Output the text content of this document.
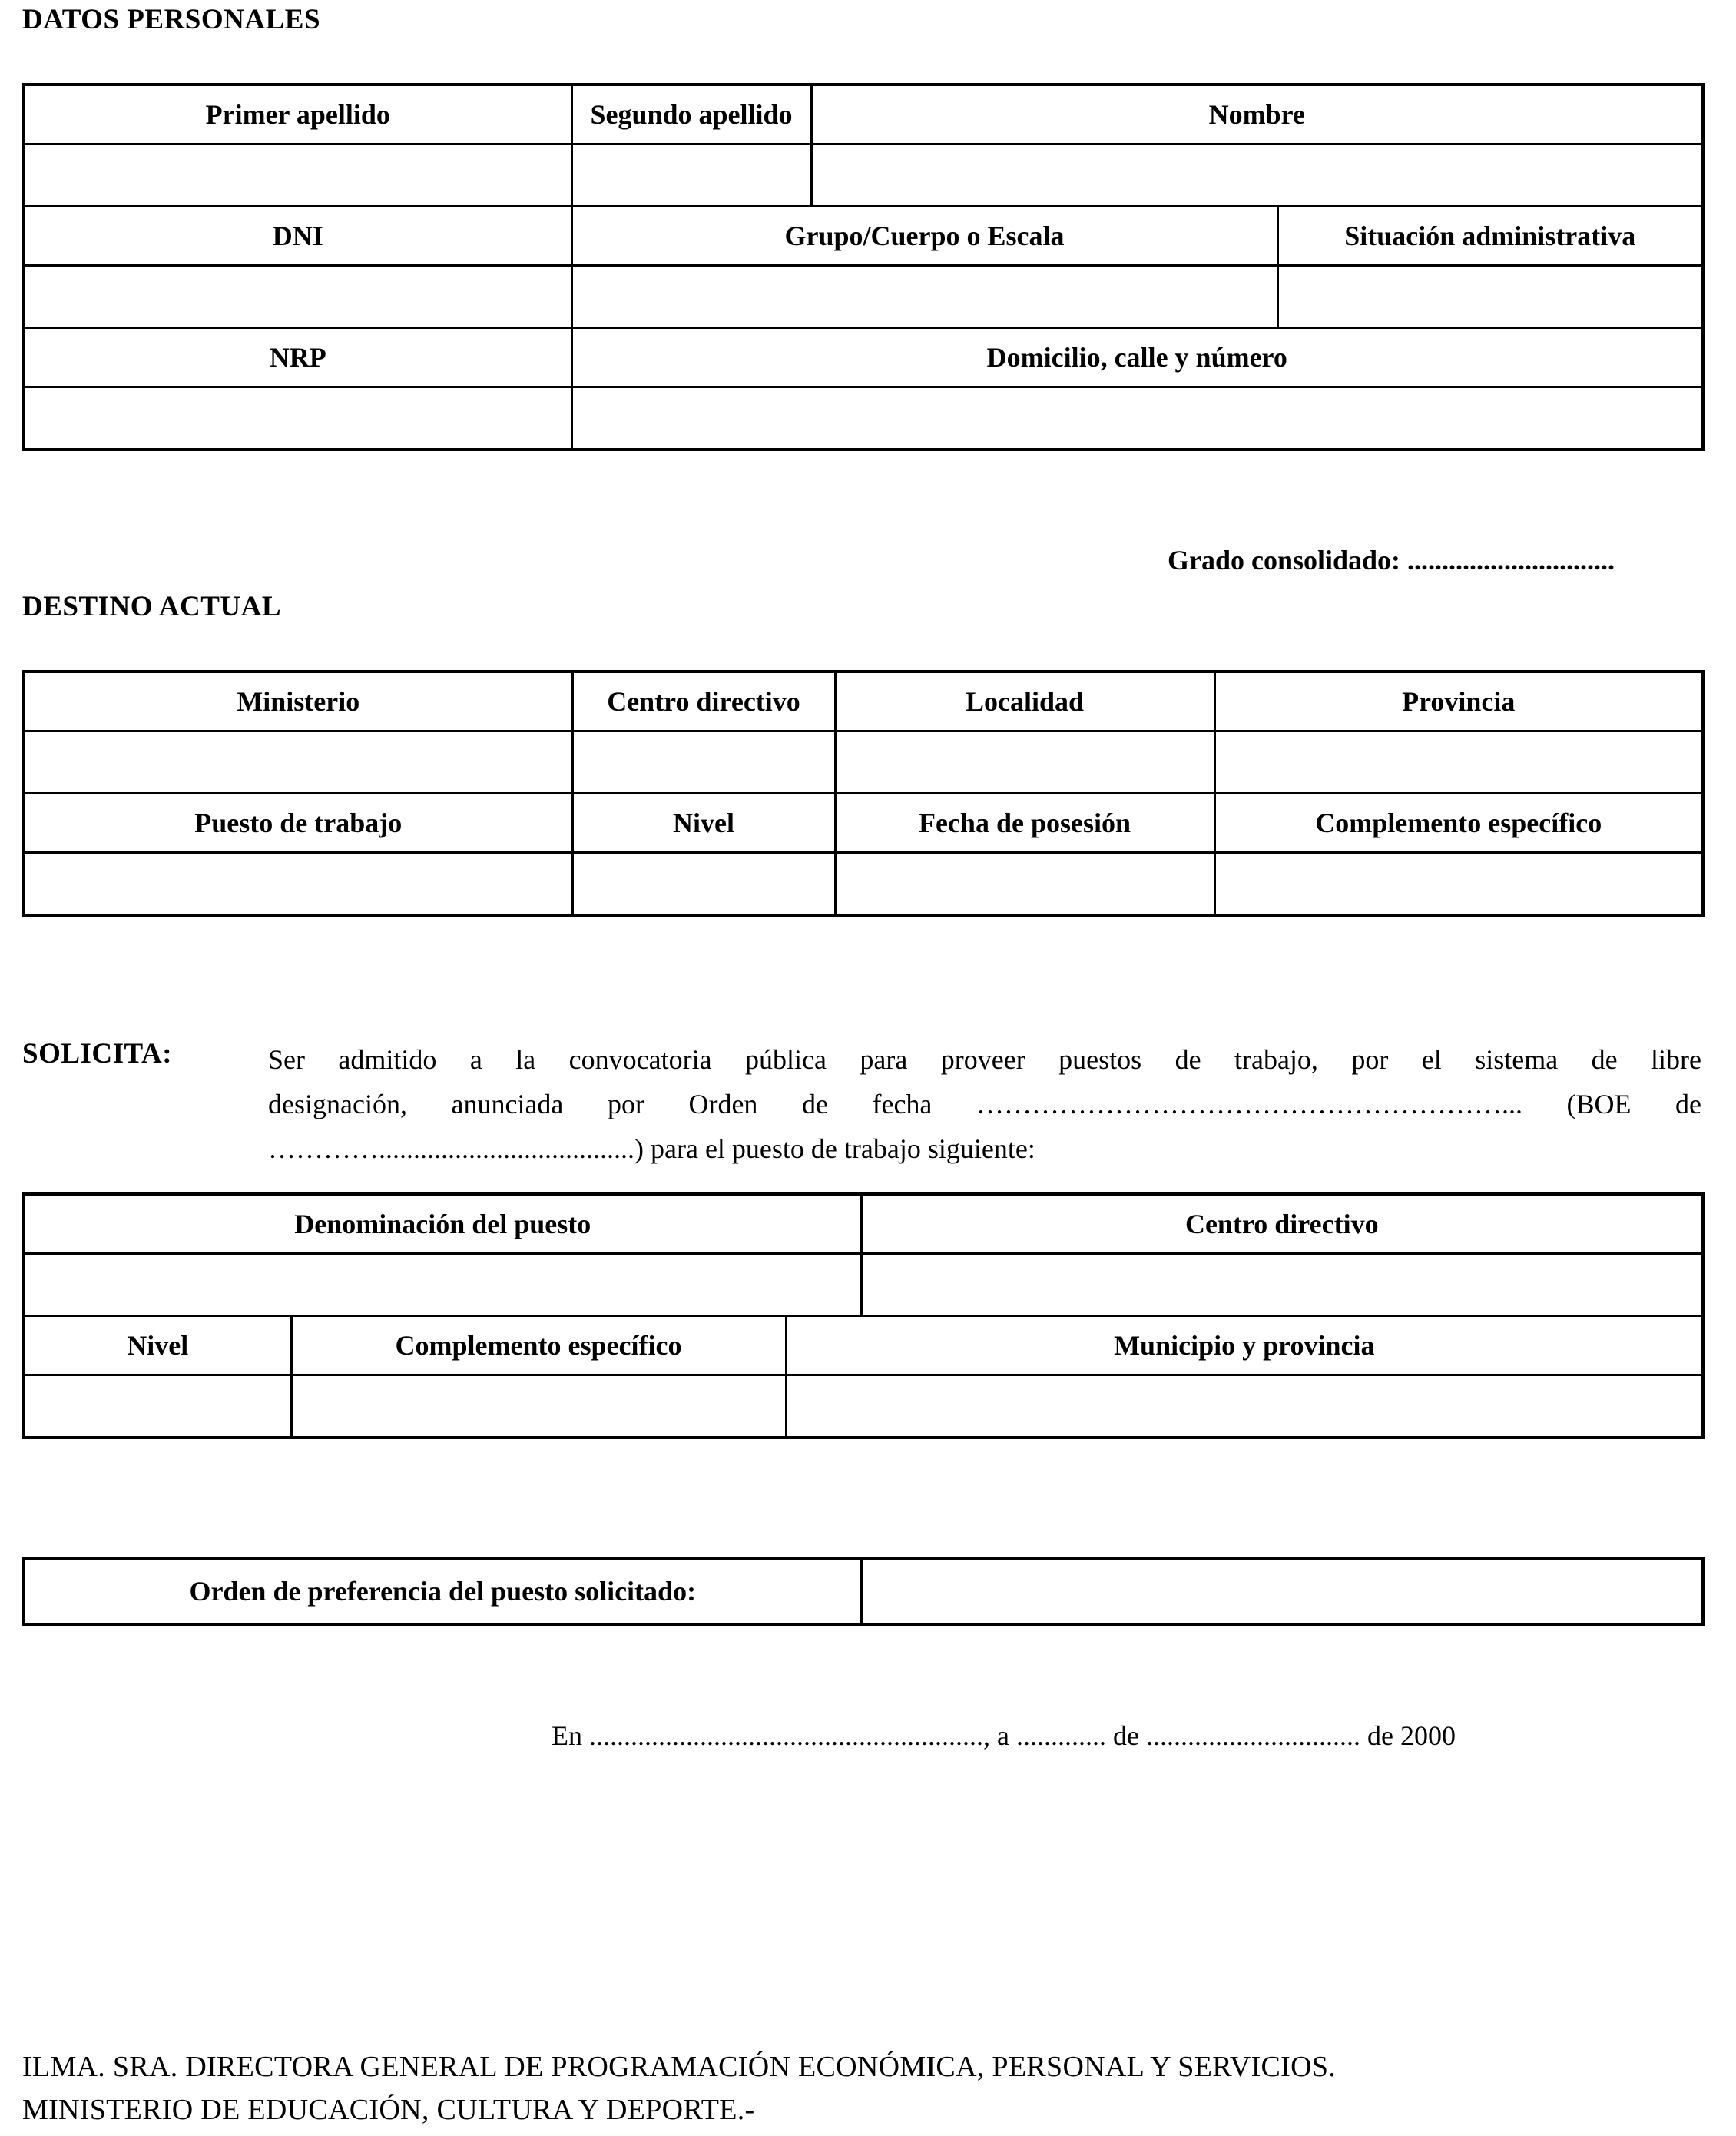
DATOS PERSONALES
Primer apellido	Segundo apellido	Nombre	

DNI	Grupo/Cuerpo o Escala		Situación administrativa

NRP	Domicilio, calle y número		

Grado consolidado: ..............................
DESTINO ACTUAL
Ministerio	Centro directivo	Localidad	Provincia

Puesto de trabajo	Nivel	Fecha de posesión	Complemento específico

SOLICITA:	Ser admitido a la convocatoria pública para proveer puestos de trabajo, por el sistema de libre
designación, anunciada por Orden de fecha …………………………………………………... (BOE de
………….....................................) para el puesto de trabajo siguiente:
Denominación del puesto			Centro directivo

Nivel	Complemento específico	Municipio y provincia	

Orden de preferencia del puesto solicitado:	
En ........................................................., a ............. de ............................... de 2000
ILMA. SRA. DIRECTORA GENERAL DE PROGRAMACIÓN ECONÓMICA, PERSONAL Y SERVICIOS.
MINISTERIO DE EDUCACIÓN, CULTURA Y DEPORTE.-
